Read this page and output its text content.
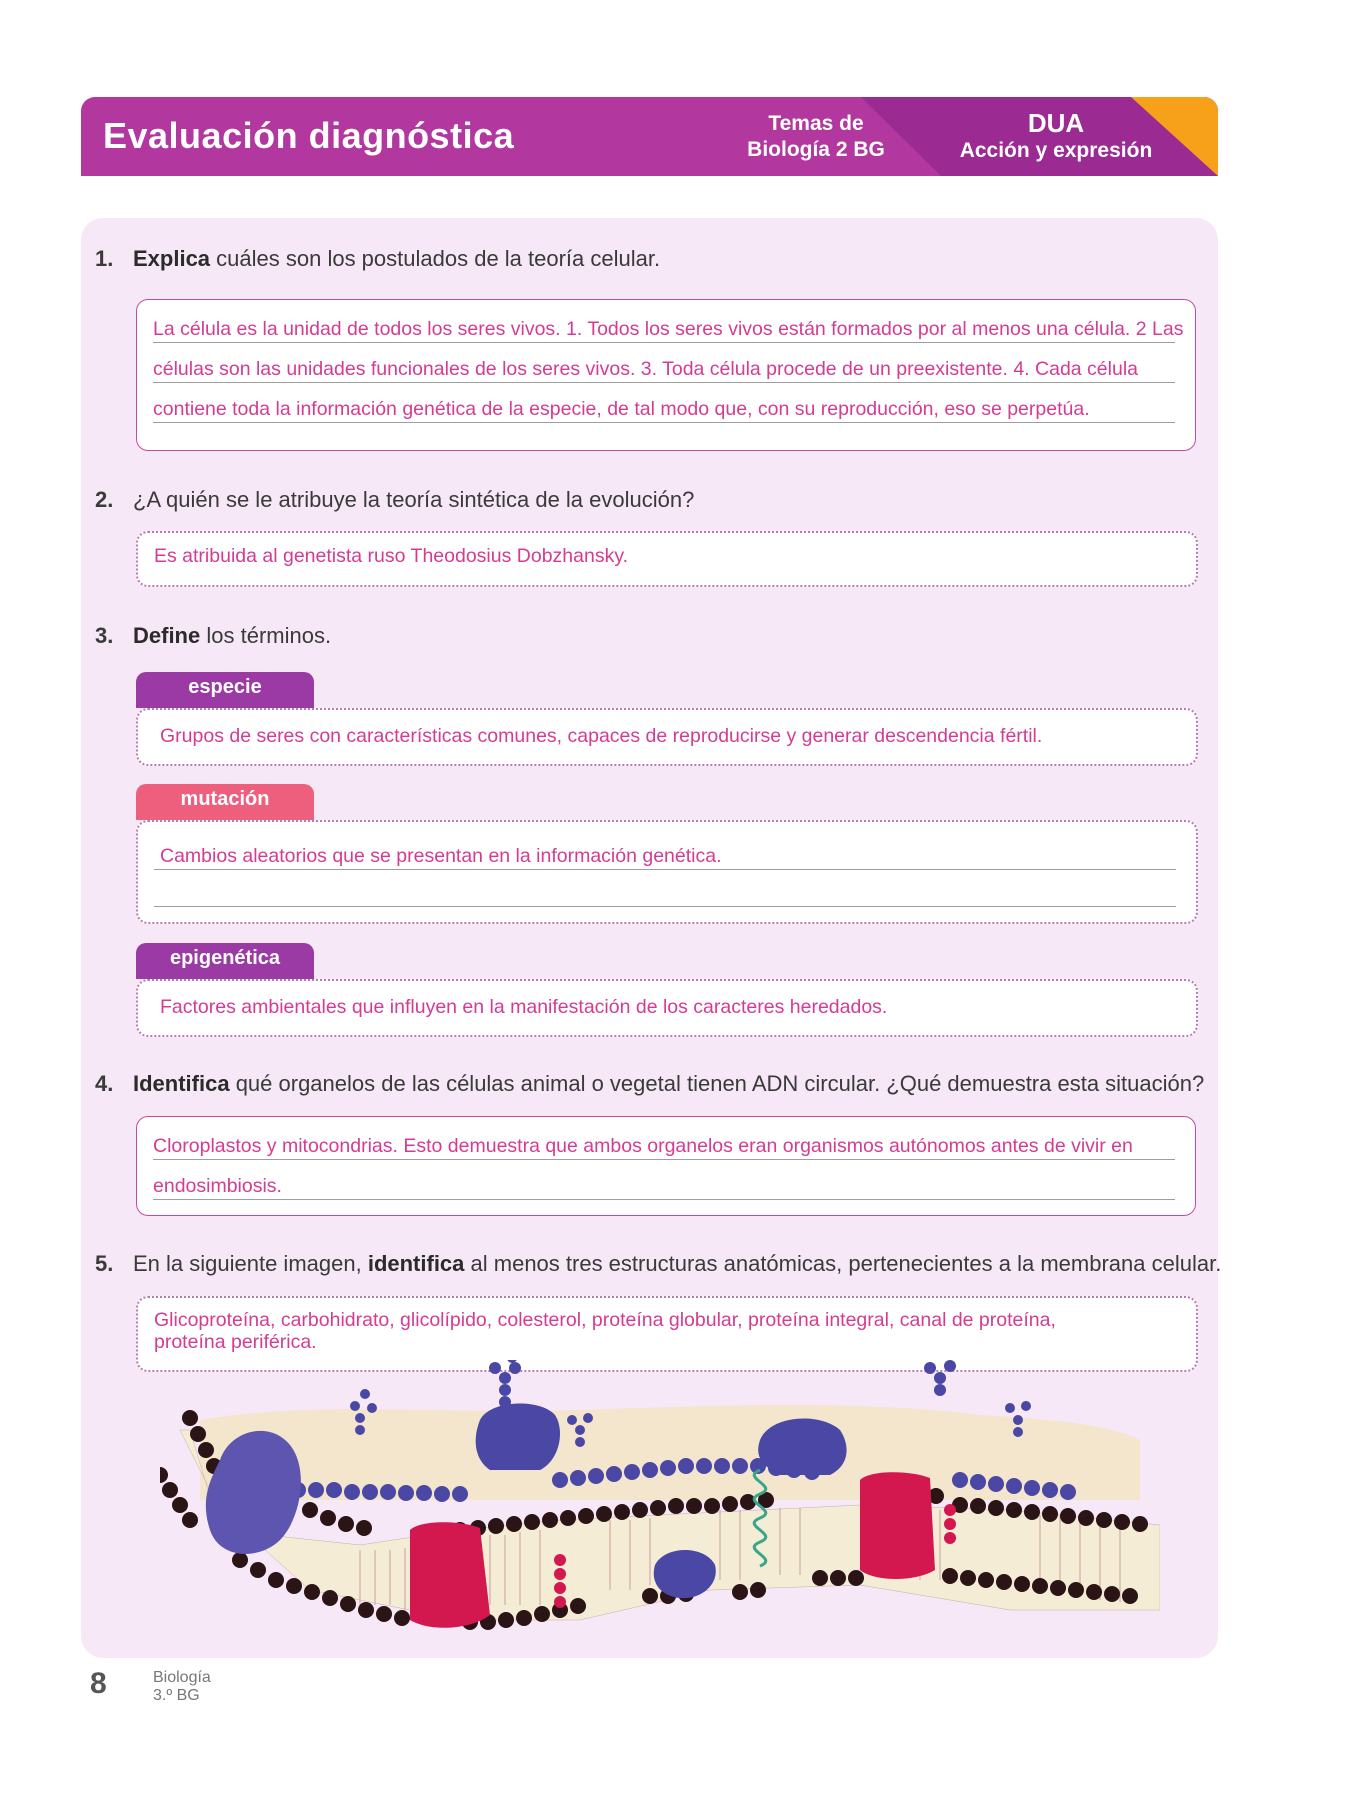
Evaluación diagnóstica	Temas de
Biología 2 BG
DUA
Acción y expresión
1. Explica cuáles son los postulados de la teoría celular.
La célula es la unidad de todos los seres vivos. 1. Todos los seres vivos están formados por al menos una célula. 2 Las
células son las unidades funcionales de los seres vivos. 3. Toda célula procede de un preexistente. 4. Cada célula
contiene toda la información genética de la especie, de tal modo que, con su reproducción, eso se perpetúa.
2. ¿A quién se le atribuye la teoría sintética de la evolución?
Es atribuida al genetista ruso Theodosius Dobzhansky.
3. Define los términos.
especie
Grupos de seres con características comunes, capaces de reproducirse y generar descendencia fértil.
mutación
Cambios aleatorios que se presentan en la información genética.
epigenética
Factores ambientales que influyen en la manifestación de los caracteres heredados.
4. Identifica qué organelos de las células animal o vegetal tienen ADN circular. ¿Qué demuestra esta situación?
Cloroplastos y mitocondrias. Esto demuestra que ambos organelos eran organismos autónomos antes de vivir en
endosimbiosis.
5. En la siguiente imagen, identifica al menos tres estructuras anatómicas, pertenecientes a la membrana celular.
Glicoproteína, carbohidrato, glicolípido, colesterol, proteína globular, proteína integral, canal de proteína, proteína periférica.
8	Biología
3.º BG
